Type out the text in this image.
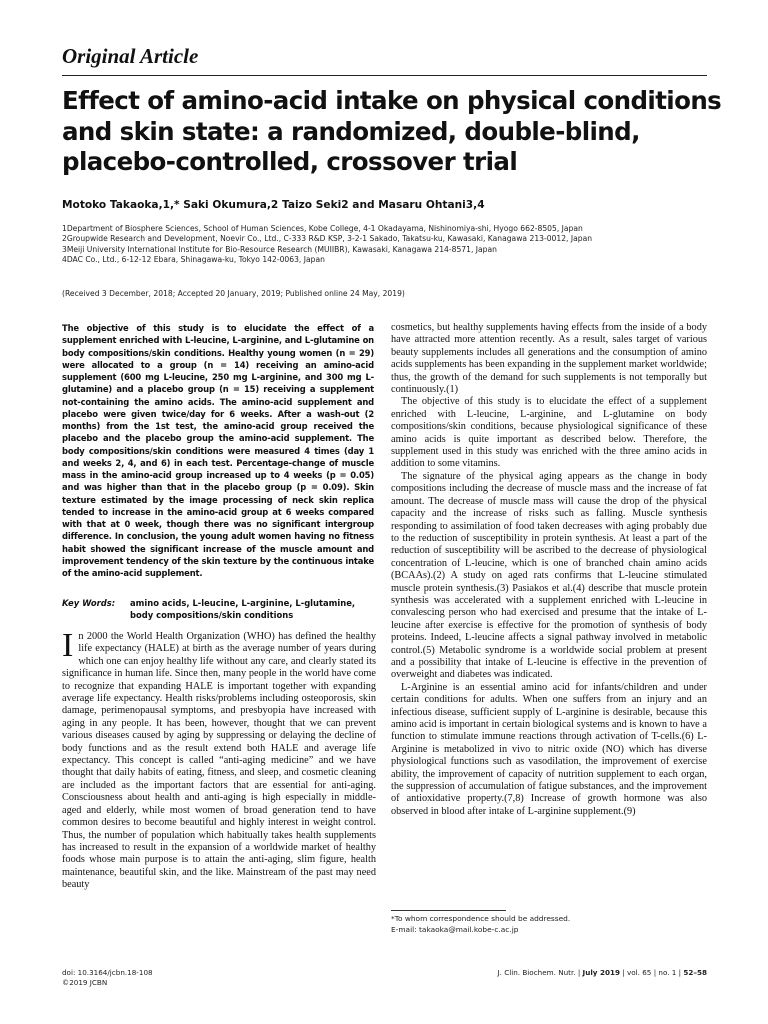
Original Article
Effect of amino-acid intake on physical conditions and skin state: a randomized, double-blind, placebo-controlled, crossover trial
Motoko Takaoka,1,* Saki Okumura,2 Taizo Seki2 and Masaru Ohtani3,4
1Department of Biosphere Sciences, School of Human Sciences, Kobe College, 4-1 Okadayama, Nishinomiya-shi, Hyogo 662-8505, Japan
2Groupwide Research and Development, Noevir Co., Ltd., C-333 R&D KSP, 3-2-1 Sakado, Takatsu-ku, Kawasaki, Kanagawa 213-0012, Japan
3Meiji University International Institute for Bio-Resource Research (MUIIBR), Kawasaki, Kanagawa 214-8571, Japan
4DAC Co., Ltd., 6-12-12 Ebara, Shinagawa-ku, Tokyo 142-0063, Japan
(Received 3 December, 2018; Accepted 20 January, 2019; Published online 24 May, 2019)

The objective of this study is to elucidate the effect of a supplement enriched with L-leucine, L-arginine, and L-glutamine on body compositions/skin conditions. Healthy young women (n = 29) were allocated to a group (n = 14) receiving an amino-acid supplement (600 mg L-leucine, 250 mg L-arginine, and 300 mg L-glutamine) and a placebo group (n = 15) receiving a supplement not-containing the amino acids. The amino-acid supplement and placebo were given twice/day for 6 weeks. After a wash-out (2 months) from the 1st test, the amino-acid group received the placebo and the placebo group the amino-acid supplement. The body compositions/skin conditions were measured 4 times (day 1 and weeks 2, 4, and 6) in each test. Percentage-change of muscle mass in the amino-acid group increased up to 4 weeks (p = 0.05) and was higher than that in the placebo group (p = 0.09). Skin texture estimated by the image processing of neck skin replica tended to increase in the amino-acid group at 6 weeks compared with that at 0 week, though there was no significant intergroup difference. In conclusion, the young adult women having no fitness habit showed the significant increase of the muscle amount and improvement tendency of the skin texture by the continuous intake of the amino-acid supplement.

Key Words: amino acids, L-leucine, L-arginine, L-glutamine, body compositions/skin conditions
In 2000 the World Health Organization (WHO) has defined the healthy life expectancy (HALE) at birth as the average number of years during which one can enjoy healthy life without any care, and clearly stated its significance in human life. Since then, many people in the world have come to recognize that expanding HALE is important together with expanding average life expectancy. Health risks/problems including osteoporosis, skin damage, perimenopausal symptoms, and presbyopia have increased with aging in any people. It has been, however, thought that we can prevent various diseases caused by aging by suppressing or delaying the decline of body functions and as the result extend both HALE and average life expectancy. This concept is called “anti-aging medicine” and we have thought that daily habits of eating, fitness, and sleep, and cosmetic cleaning are included as the important factors that are essential for anti-aging. Consciousness about health and anti-aging is high especially in middle-aged and elderly, while most women of broad generation tend to have common desires to become beautiful and highly interest in weight control. Thus, the number of population which habitually takes health supplements has increased to result in the expansion of a worldwide market of healthy foods whose main purpose is to attain the anti-aging, slim figure, health maintenance, beautiful skin, and the like. Mainstream of the past may need beauty

cosmetics, but healthy supplements having effects from the inside of a body have attracted more attention recently. As a result, sales target of various beauty supplements includes all generations and the consumption of amino acids supplements has been expanding in the supplement market worldwide; thus, the growth of the demand for such supplements is not temporally but continuously.(1)

The objective of this study is to elucidate the effect of a supplement enriched with L-leucine, L-arginine, and L-glutamine on body compositions/skin conditions, because physiological significance of these amino acids is quite important as described below. Therefore, the supplement used in this study was enriched with the three amino acids in addition to some vitamins.

The signature of the physical aging appears as the change in body compositions including the decrease of muscle mass and the increase of fat amount. The decrease of muscle mass will cause the drop of the physical capacity and the increase of risks such as falling. Muscle synthesis responding to assimilation of food taken decreases with aging probably due to the reduction of susceptibility in protein synthesis. At least a part of the reduction of susceptibility will be ascribed to the decrease of physiological concentration of L-leucine, which is one of branched chain amino acids (BCAAs).(2) A study on aged rats confirms that L-leucine stimulated muscle protein synthesis.(3) Pasiakos et al.(4) describe that muscle protein synthesis was accelerated with a supplement enriched with L-leucine in convalescing person who had exercised and presume that the intake of L-leucine after exercise is effective for the promotion of synthesis of body proteins. Indeed, L-leucine affects a signal pathway involved in metabolic control.(5) Metabolic syndrome is a worldwide social problem at present and a possibility that intake of L-leucine is effective in the prevention of overweight and diabetes was indicated.

L-Arginine is an essential amino acid for infants/children and under certain conditions for adults. When one suffers from an injury and an infectious disease, sufficient supply of L-arginine is desirable, because this amino acid is important in certain biological systems and is known to have a function to stimulate immune reactions through activation of T-cells.(6) L-Arginine is metabolized in vivo to nitric oxide (NO) which has diverse physiological functions such as vasodilation, the improvement of exercise ability, the improvement of capacity of nutrition supplement to each organ, the suppression of accumulation of fatigue substances, and the improvement of antioxidative property.(7,8) Increase of growth hormone was also observed in blood after intake of L-arginine supplement.(9)

*To whom correspondence should be addressed.
E-mail: takaoka@mail.kobe-c.ac.jp
doi: 10.3164/jcbn.18-108
©2019 JCBN
J. Clin. Biochem. Nutr. | July 2019 | vol. 65 | no. 1 | 52–58
